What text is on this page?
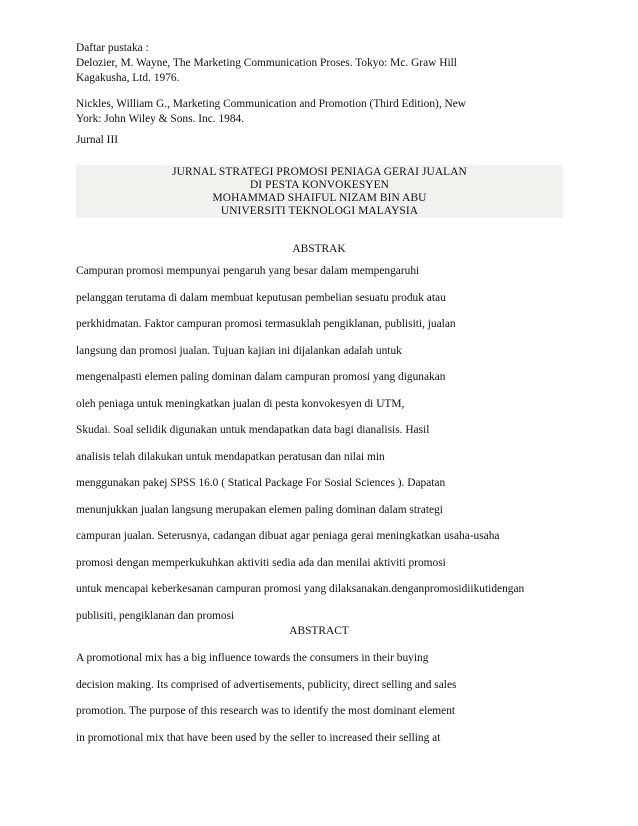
Daftar pustaka :
Delozier, M. Wayne, The Marketing Communication Proses. Tokyo: Mc. Graw Hill
Kagakusha, Ltd. 1976.
Nickles, William G., Marketing Communication and Promotion (Third Edition), New
York: John Wiley & Sons. Inc. 1984.
Jurnal III
JURNAL STRATEGI PROMOSI PENIAGA GERAI JUALAN
DI PESTA KONVOKESYEN
MOHAMMAD SHAIFUL NIZAM BIN ABU
UNIVERSITI TEKNOLOGI MALAYSIA
ABSTRAK
Campuran promosi mempunyai pengaruh yang besar dalam mempengaruhi
pelanggan terutama di dalam membuat keputusan pembelian sesuatu produk atau
perkhidmatan. Faktor campuran promosi termasuklah pengiklanan, publisiti, jualan
langsung dan promosi jualan. Tujuan kajian ini dijalankan adalah untuk
mengenalpasti elemen paling dominan dalam campuran promosi yang digunakan
oleh peniaga untuk meningkatkan jualan di pesta konvokesyen di UTM,
Skudai. Soal selidik digunakan untuk mendapatkan data bagi dianalisis. Hasil
analisis telah dilakukan untuk mendapatkan peratusan dan nilai min
menggunakan pakej SPSS 16.0 ( Statical Package For Sosial Sciences ). Dapatan
menunjukkan jualan langsung merupakan elemen paling dominan dalam strategi
campuran jualan. Seterusnya, cadangan dibuat agar peniaga gerai meningkatkan usaha-usaha
promosi dengan memperkukuhkan aktiviti sedia ada dan menilai aktiviti promosi
untuk mencapai keberkesanan campuran promosi yang dilaksanakan.denganpromosidiikutidengan
publisiti, pengiklanan dan promosi
ABSTRACT
A promotional mix has a big influence towards the consumers in their buying
decision making. Its comprised of advertisements, publicity, direct selling and sales
promotion. The purpose of this research was to identify the most dominant element
in promotional mix that have been used by the seller to increased their selling at
